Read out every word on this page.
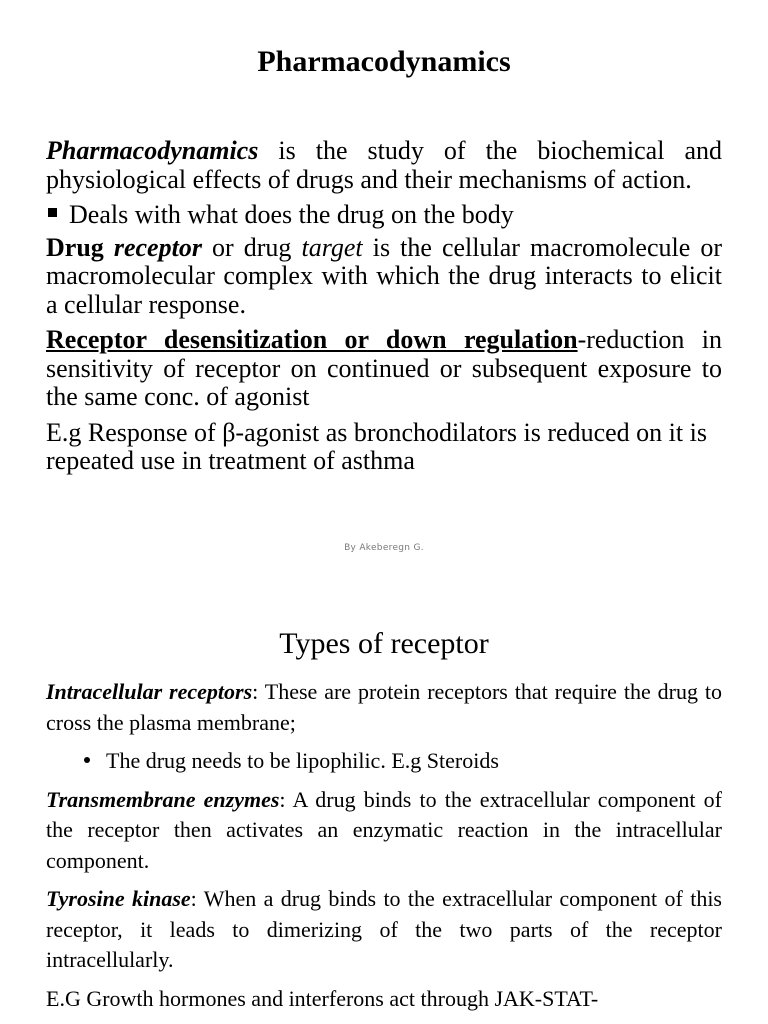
Pharmacodynamics

Pharmacodynamics is the study of the biochemical and physiological effects of drugs and their mechanisms of action.

Deals with what does the drug on the body

Drug receptor or drug target is the cellular macromolecule or macromolecular complex with which the drug interacts to elicit a cellular response.

Receptor desensitization or down regulation-reduction in sensitivity of receptor on continued or subsequent exposure to the same conc. of agonist

E.g Response of β-agonist as bronchodilators is reduced on it is repeated use in treatment of asthma

By Akeberegn G.
Types of receptor

Intracellular receptors: These are protein receptors that require the drug to cross the plasma membrane;

The drug needs to be lipophilic. E.g Steroids

Transmembrane enzymes: A drug binds to the extracellular component of the receptor then activates an enzymatic reaction in the intracellular component.

Tyrosine kinase: When a drug binds to the extracellular component of this receptor, it leads to dimerizing of the two parts of the receptor intracellularly.

E.G Growth hormones and interferons act through JAK-STAT-
